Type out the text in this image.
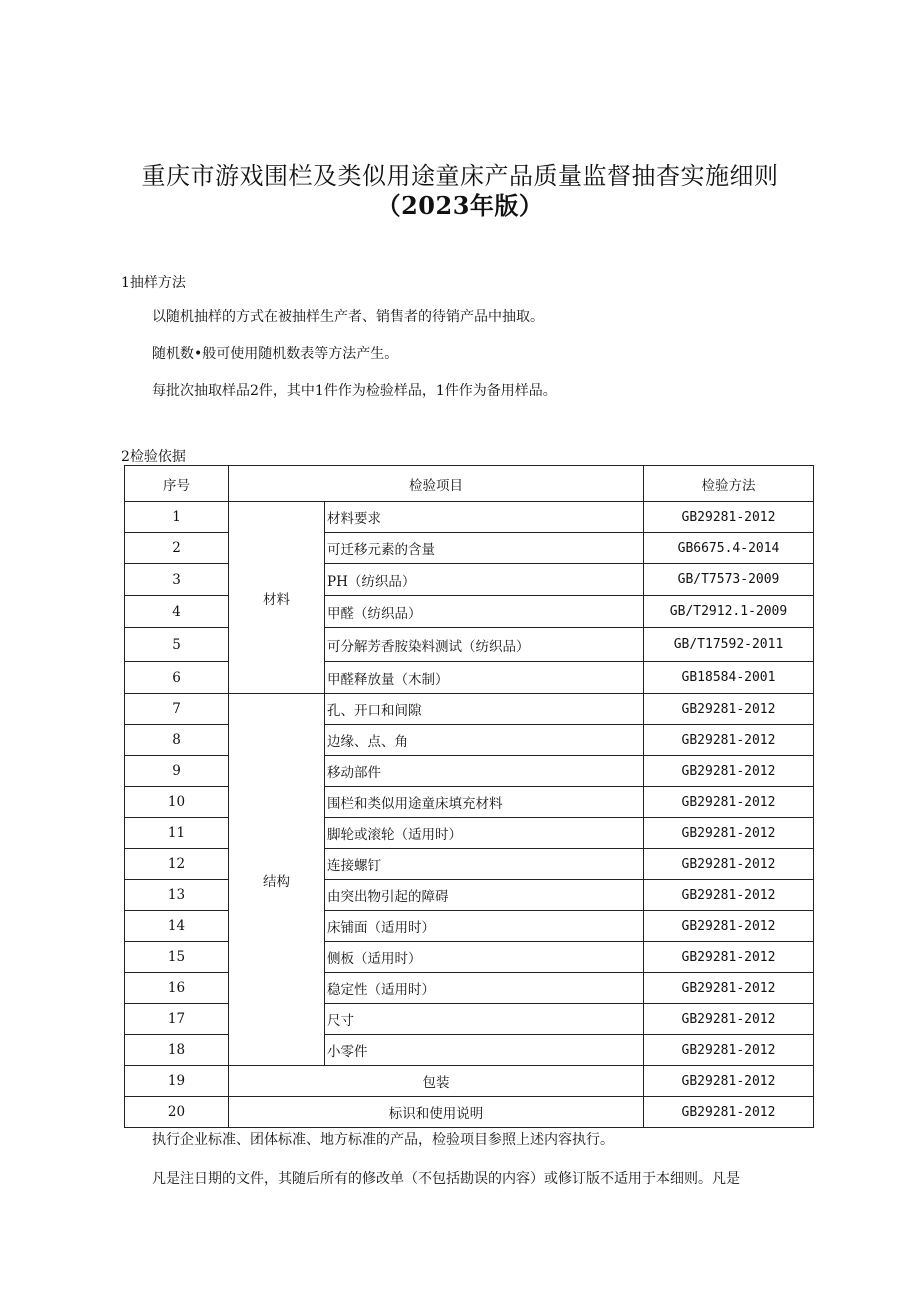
重庆市游戏围栏及类似用途童床产品质量监督抽杳实施细则
（2023年版）
1抽样方法
以随机抽样的方式在被抽样生产者、销售者的待销产品中抽取。
随机数•般可使用随机数表等方法产生。
每批次抽取样品2件，其中1件作为检验样品，1件作为备用样品。
2检验依据
序号	检验项目		检验方法
1	材料	材料要求	GB29281-2012
2		可迁移元素的含量	GB6675.4-2014
3		PH（纺织品）	GB/T7573-2009
4		甲醛（纺织品）	GB/T2912.1-2009
5		可分解芳香胺染料测试（纺织品）	GB/T17592-2011
6		甲醛释放量（木制）	GB18584-2001
7	结构	孔、开口和间隙	GB29281-2012
8		边缘、点、角	GB29281-2012
9		移动部件	GB29281-2012
10		围栏和类似用途童床填充材料	GB29281-2012
11		脚轮或滚轮（适用时）	GB29281-2012
12		连接螺钉	GB29281-2012
13		由突出物引起的障碍	GB29281-2012
14		床铺面（适用时）	GB29281-2012
15		侧板（适用时）	GB29281-2012
16		稳定性（适用时）	GB29281-2012
17		尺寸	GB29281-2012
18		小零件	GB29281-2012
19	包装		GB29281-2012
20	标识和使用说明		GB29281-2012
执行企业标准、团体标准、地方标准的产品，检验项目参照上述内容执行。
凡是注日期的文件，其随后所有的修改单（不包括勘误的内容）或修订版不适用于本细则。凡是
